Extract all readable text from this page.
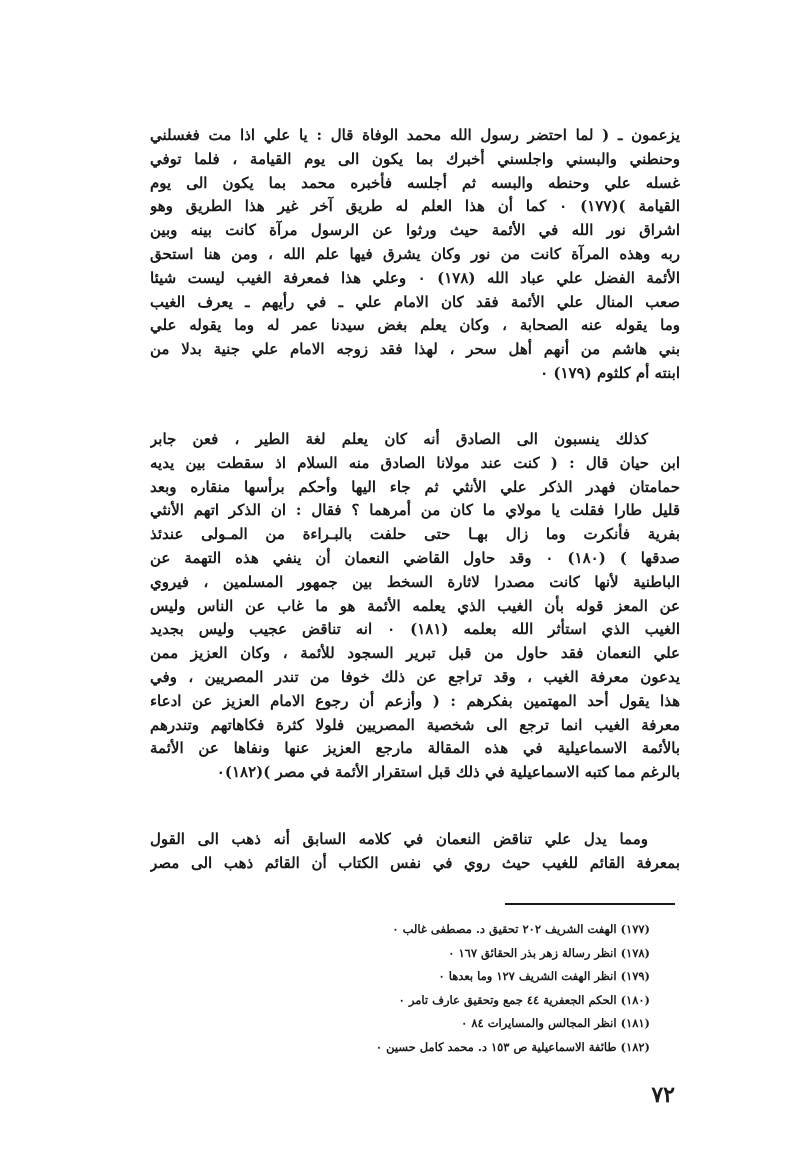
يزعمون ـ ( لما احتضر رسول الله محمد الوفاة قال : يا علي اذا مت فغسلني
وحنطني والبسني واجلسني أخبرك بما يكون الى يوم القيامة ، فلما توفي
غسله علي وحنطه والبسه ثم أجلسه فأخبره محمد بما يكون الى يوم
القيامة )(١٧٧) ٠ كما أن هذا العلم له طريق آخر غير هذا الطريق وهو
اشراق نور الله في الأئمة حيث ورثوا عن الرسول مرآة كانت بينه وبين
ربه وهذه المرآة كانت من نور وكان يشرق فيها علم الله ، ومن هنا استحق
الأئمة الفضل علي عباد الله (١٧٨) ٠ وعلي هذا فمعرفة الغيب ليست شيئا
صعب المنال علي الأئمة فقد كان الامام علي ـ في رأيهم ـ يعرف الغيب
وما يقوله عنه الصحابة ، وكان يعلم بغض سيدنا عمر له وما يقوله علي
بني هاشم من أنهم أهل سحر ، لهذا فقد زوجه الامام علي جنية بدلا من
ابنته أم كلثوم (١٧٩) ٠
كذلك ينسبون الى الصادق أنه كان يعلم لغة الطير ، فعن جابر
ابن حيان قال : ( كنت عند مولانا الصادق منه السلام اذ سقطت بين يديه
حمامتان فهدر الذكر علي الأنثي ثم جاء اليها وأحكم برأسها منقاره وبعد
قليل طارا فقلت يا مولاي ما كان من أمرهما ؟ فقال : ان الذكر اتهم الأنثي
بفرية فأنكرت وما زال بهـا حتى حلفت بالبـراءة من المـولى عندئذ
صدقها ) (١٨٠) ٠ وقد حاول القاضي النعمان أن ينفي هذه التهمة عن
الباطنية لأنها كانت مصدرا لاثارة السخط بين جمهور المسلمين ، فيروي
عن المعز قوله بأن الغيب الذي يعلمه الأئمة هو ما غاب عن الناس وليس
الغيب الذي استأثر الله بعلمه (١٨١) ٠ انه تناقض عجيب وليس بجديد
علي النعمان فقد حاول من قبل تبرير السجود للأئمة ، وكان العزيز ممن
يدعون معرفة الغيب ، وقد تراجع عن ذلك خوفا من تندر المصريين ، وفي
هذا يقول أحد المهتمين بفكرهم : ( وأزعم أن رجوع الامام العزيز عن ادعاء
معرفة الغيب انما ترجع الى شخصية المصريين فلولا كثرة فكاهاتهم وتندرهم
بالأئمة الاسماعيلية في هذه المقالة مارجع العزيز عنها ونفاها عن الأئمة
بالرغم مما كتبه الاسماعيلية في ذلك قبل استقرار الأئمة في مصر )(١٨٢)٠
ومما يدل علي تناقض النعمان في كلامه السابق أنه ذهب الى القول
بمعرفة القائم للغيب حيث روي في نفس الكتاب أن القائم ذهب الى مصر
(١٧٧) الهفت الشريف ٢٠٢ تحقيق د. مصطفى غالب ٠
(١٧٨) انظر رسالة زهر بذر الحقائق ١٦٧ ٠
(١٧٩) انظر الهفت الشريف ١٢٧ وما بعدها ٠
(١٨٠) الحكم الجعفرية ٤٤ جمع وتحقيق عارف تامر ٠
(١٨١) انظر المجالس والمسايرات ٨٤ ٠
(١٨٢) طائفة الاسماعيلية ص ١٥٣ د. محمد كامل حسين ٠
٧٢
